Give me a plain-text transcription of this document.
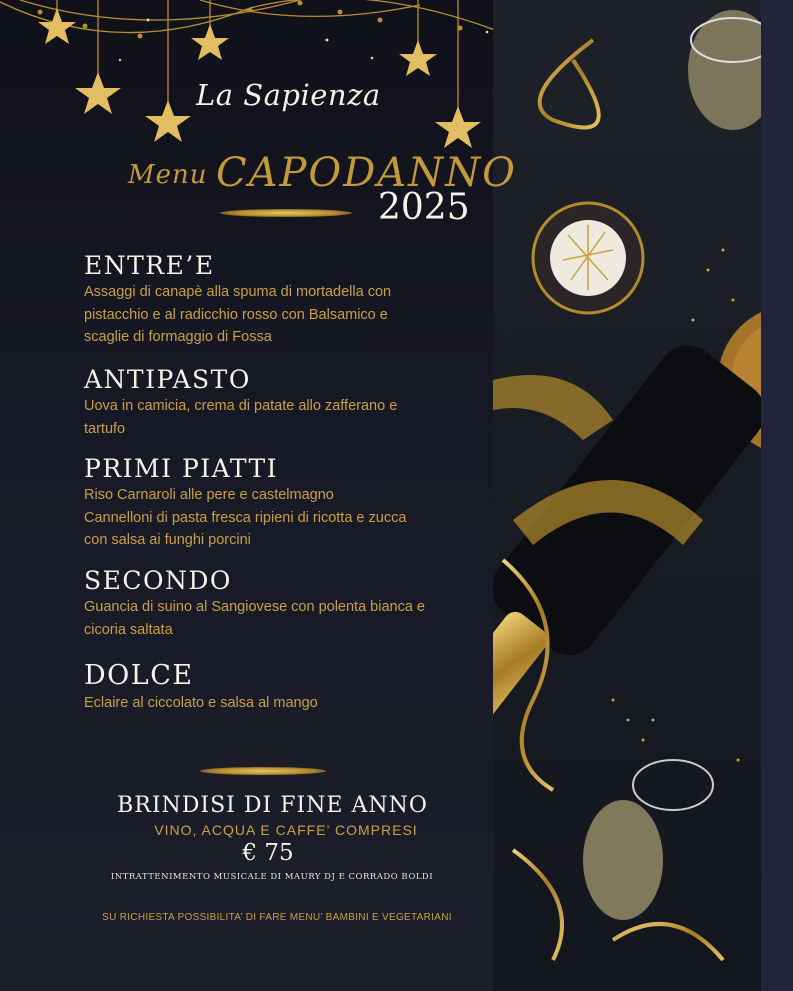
La Sapienza
Menu CAPODANNO
2025
ENTRE’E
Assaggi di canapè alla spuma di mortadella con
pistacchio e al radicchio rosso con Balsamico e
scaglie di formaggio di Fossa
ANTIPASTO
Uova in camicia, crema di patate allo zafferano e
tartufo
PRIMI PIATTI
Riso Carnaroli alle pere e castelmagno
Cannelloni di pasta fresca ripieni di ricotta e zucca
con salsa ai funghi porcini
SECONDO
Guancia di suino al Sangiovese con polenta bianca e
cicoria saltata
DOLCE
Eclaire al ciccolato e salsa al mango
BRINDISI DI FINE ANNO
VINO, ACQUA E CAFFE’ COMPRESI
€ 75
INTRATTENIMENTO MUSICALE DI MAURY DJ E CORRADO BOLDI
SU RICHIESTA POSSIBILITA’ DI FARE MENU’ BAMBINI E VEGETARIANI
